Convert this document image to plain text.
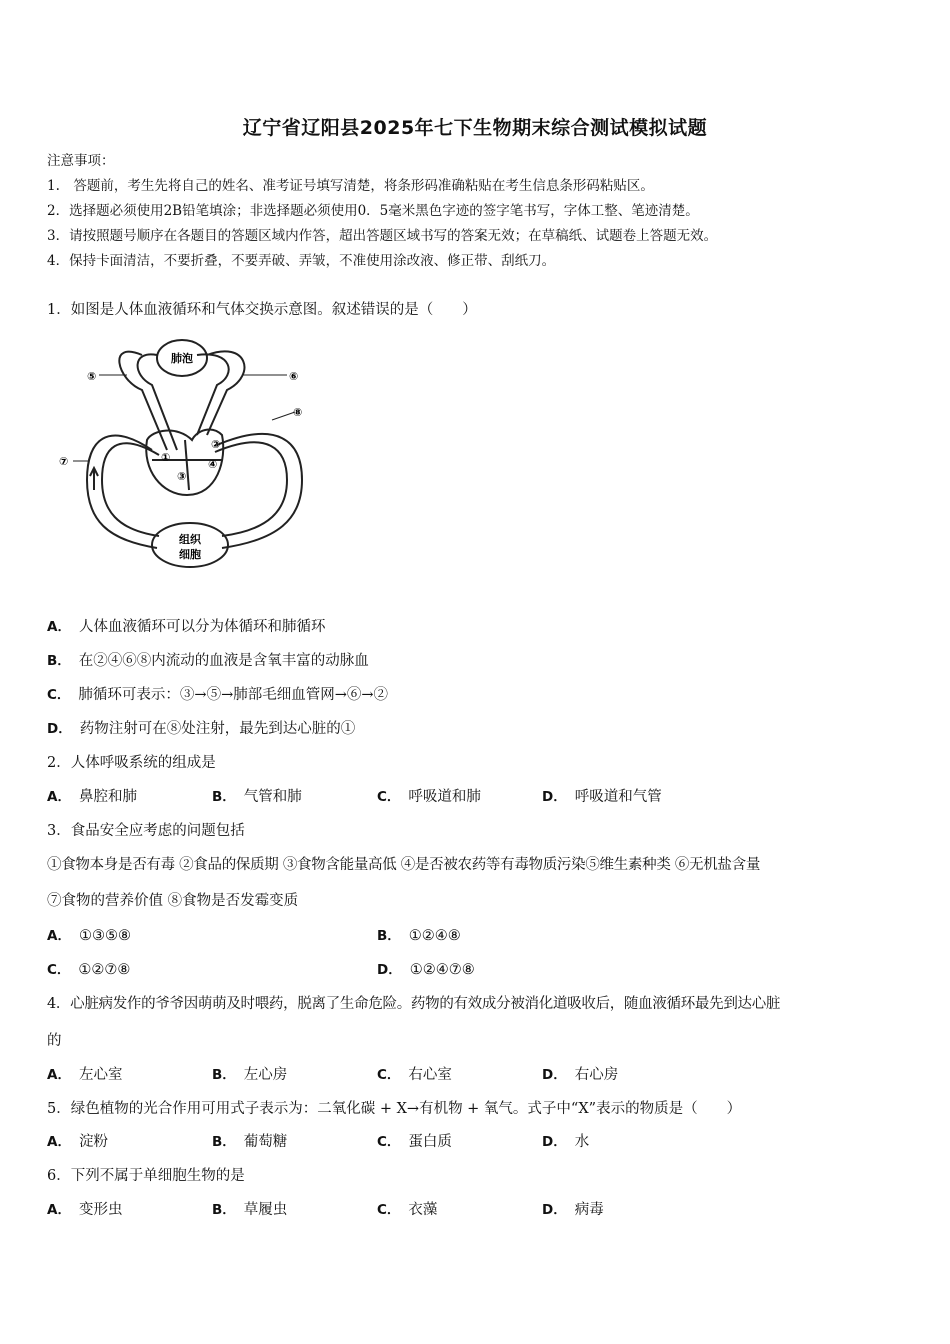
辽宁省辽阳县2025年七下生物期末综合测试模拟试题
注意事项：
1.　答题前，考生先将自己的姓名、准考证号填写清楚，将条形码准确粘贴在考生信息条形码粘贴区。
2．选择题必须使用2B铅笔填涂；非选择题必须使用0．5毫米黑色字迹的签字笔书写，字体工整、笔迹清楚。
3．请按照题号顺序在各题目的答题区域内作答，超出答题区域书写的答案无效；在草稿纸、试题卷上答题无效。
4．保持卡面清洁，不要折叠，不要弄破、弄皱，不准使用涂改液、修正带、刮纸刀。
1．如图是人体血液循环和气体交换示意图。叙述错误的是（　　）
肺泡
组织
细胞
①
②
③
④
⑤	⑥
⑦
⑧
A． 人体血液循环可以分为体循环和肺循环
B． 在②④⑥⑧内流动的血液是含氧丰富的动脉血
C． 肺循环可表示：③→⑤→肺部毛细血管网→⑥→②
D． 药物注射可在⑧处注射，最先到达心脏的①
2．人体呼吸系统的组成是
A． 鼻腔和肺	B． 气管和肺	C． 呼吸道和肺	D． 呼吸道和气管
3．食品安全应考虑的问题包括
①食物本身是否有毒 ②食品的保质期 ③食物含能量高低 ④是否被农药等有毒物质污染⑤维生素种类 ⑥无机盐含量
⑦食物的营养价值 ⑧食物是否发霉变质
A． ①③⑤⑧	B． ①②④⑧
C． ①②⑦⑧	D． ①②④⑦⑧
4．心脏病发作的爷爷因萌萌及时喂药，脱离了生命危险。药物的有效成分被消化道吸收后，随血液循环最先到达心脏
的
A． 左心室	B． 左心房	C． 右心室	D． 右心房
5．绿色植物的光合作用可用式子表示为：二氧化碳 + X→有机物 + 氧气。式子中“X”表示的物质是（　　）
A． 淀粉	B． 葡萄糖	C． 蛋白质	D． 水
6．下列不属于单细胞生物的是
A． 变形虫	B． 草履虫	C． 衣藻	D． 病毒
